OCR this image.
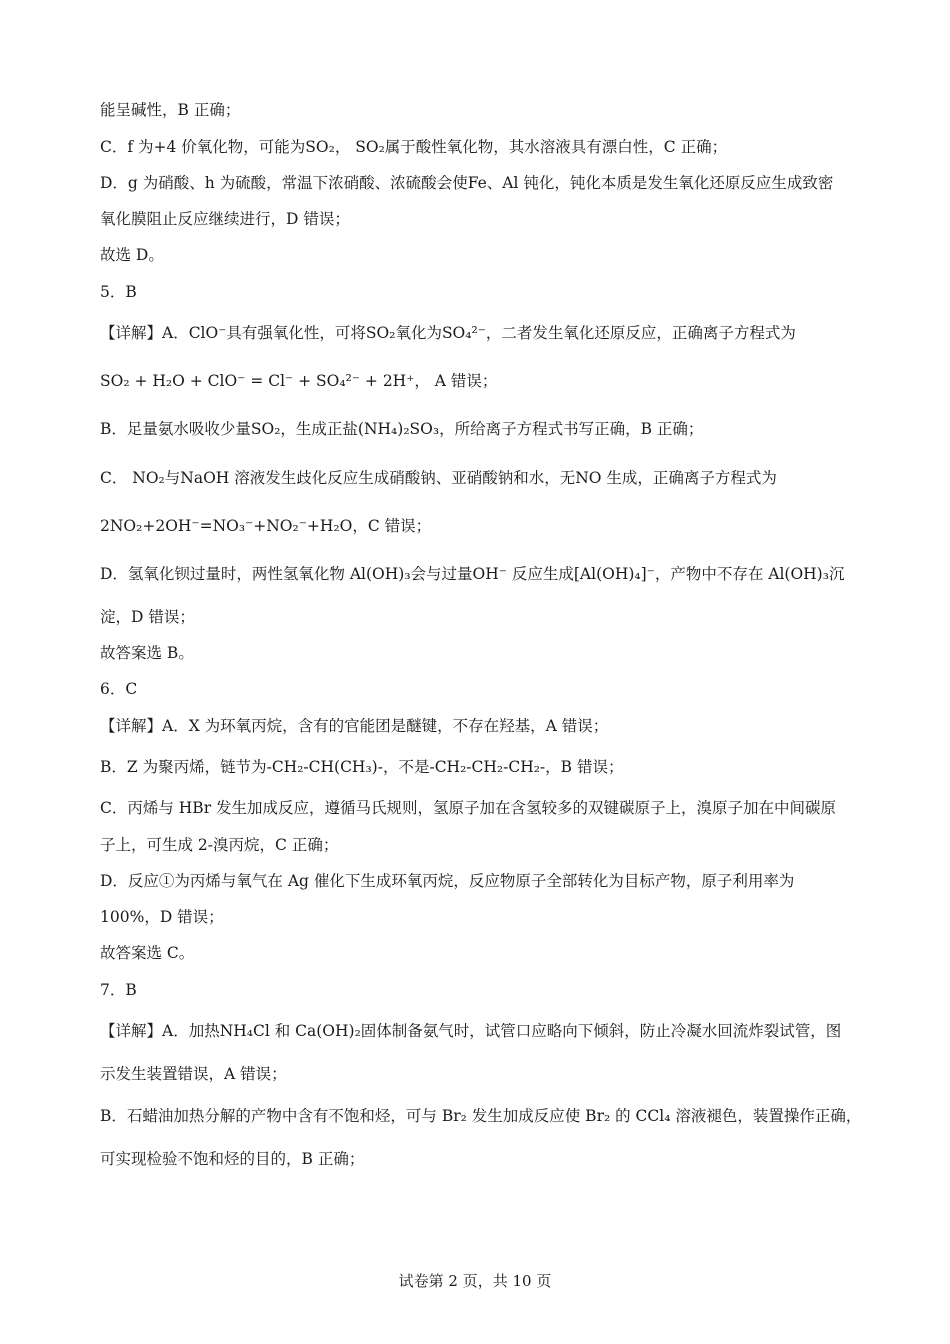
能呈碱性，B 正确；
C．f 为+4 价氧化物，可能为SO₂， SO₂属于酸性氧化物，其水溶液具有漂白性，C 正确；
D．g 为硝酸、h 为硫酸，常温下浓硝酸、浓硫酸会使Fe、Al 钝化，钝化本质是发生氧化还原反应生成致密
氧化膜阻止反应继续进行，D 错误；
故选 D。
5．B
【详解】A．ClO⁻具有强氧化性，可将SO₂氧化为SO₄²⁻，二者发生氧化还原反应，正确离子方程式为
SO₂ + H₂O + ClO⁻ = Cl⁻ + SO₄²⁻ + 2H⁺， A 错误；
B．足量氨水吸收少量SO₂，生成正盐(NH₄)₂SO₃，所给离子方程式书写正确，B 正确；
C． NO₂与NaOH 溶液发生歧化反应生成硝酸钠、亚硝酸钠和水，无NO 生成，正确离子方程式为
2NO₂+2OH⁻=NO₃⁻+NO₂⁻+H₂O，C 错误；
D．氢氧化钡过量时，两性氢氧化物 Al(OH)₃会与过量OH⁻ 反应生成[Al(OH)₄]⁻，产物中不存在 Al(OH)₃沉
淀，D 错误；
故答案选 B。
6．C
【详解】A．X 为环氧丙烷，含有的官能团是醚键，不存在羟基，A 错误；
B．Z 为聚丙烯，链节为-CH₂-CH(CH₃)-，不是-CH₂-CH₂-CH₂-，B 错误；
C．丙烯与 HBr 发生加成反应，遵循马氏规则，氢原子加在含氢较多的双键碳原子上，溴原子加在中间碳原
子上，可生成 2-溴丙烷，C 正确；
D．反应①为丙烯与氧气在 Ag 催化下生成环氧丙烷，反应物原子全部转化为目标产物，原子利用率为
100%，D 错误；
故答案选 C。
7．B
【详解】A．加热NH₄Cl 和 Ca(OH)₂固体制备氨气时，试管口应略向下倾斜，防止冷凝水回流炸裂试管，图
示发生装置错误，A 错误；
B．石蜡油加热分解的产物中含有不饱和烃，可与 Br₂ 发生加成反应使 Br₂ 的 CCl₄ 溶液褪色，装置操作正确，
可实现检验不饱和烃的目的，B 正确；
试卷第 2 页，共 10 页
